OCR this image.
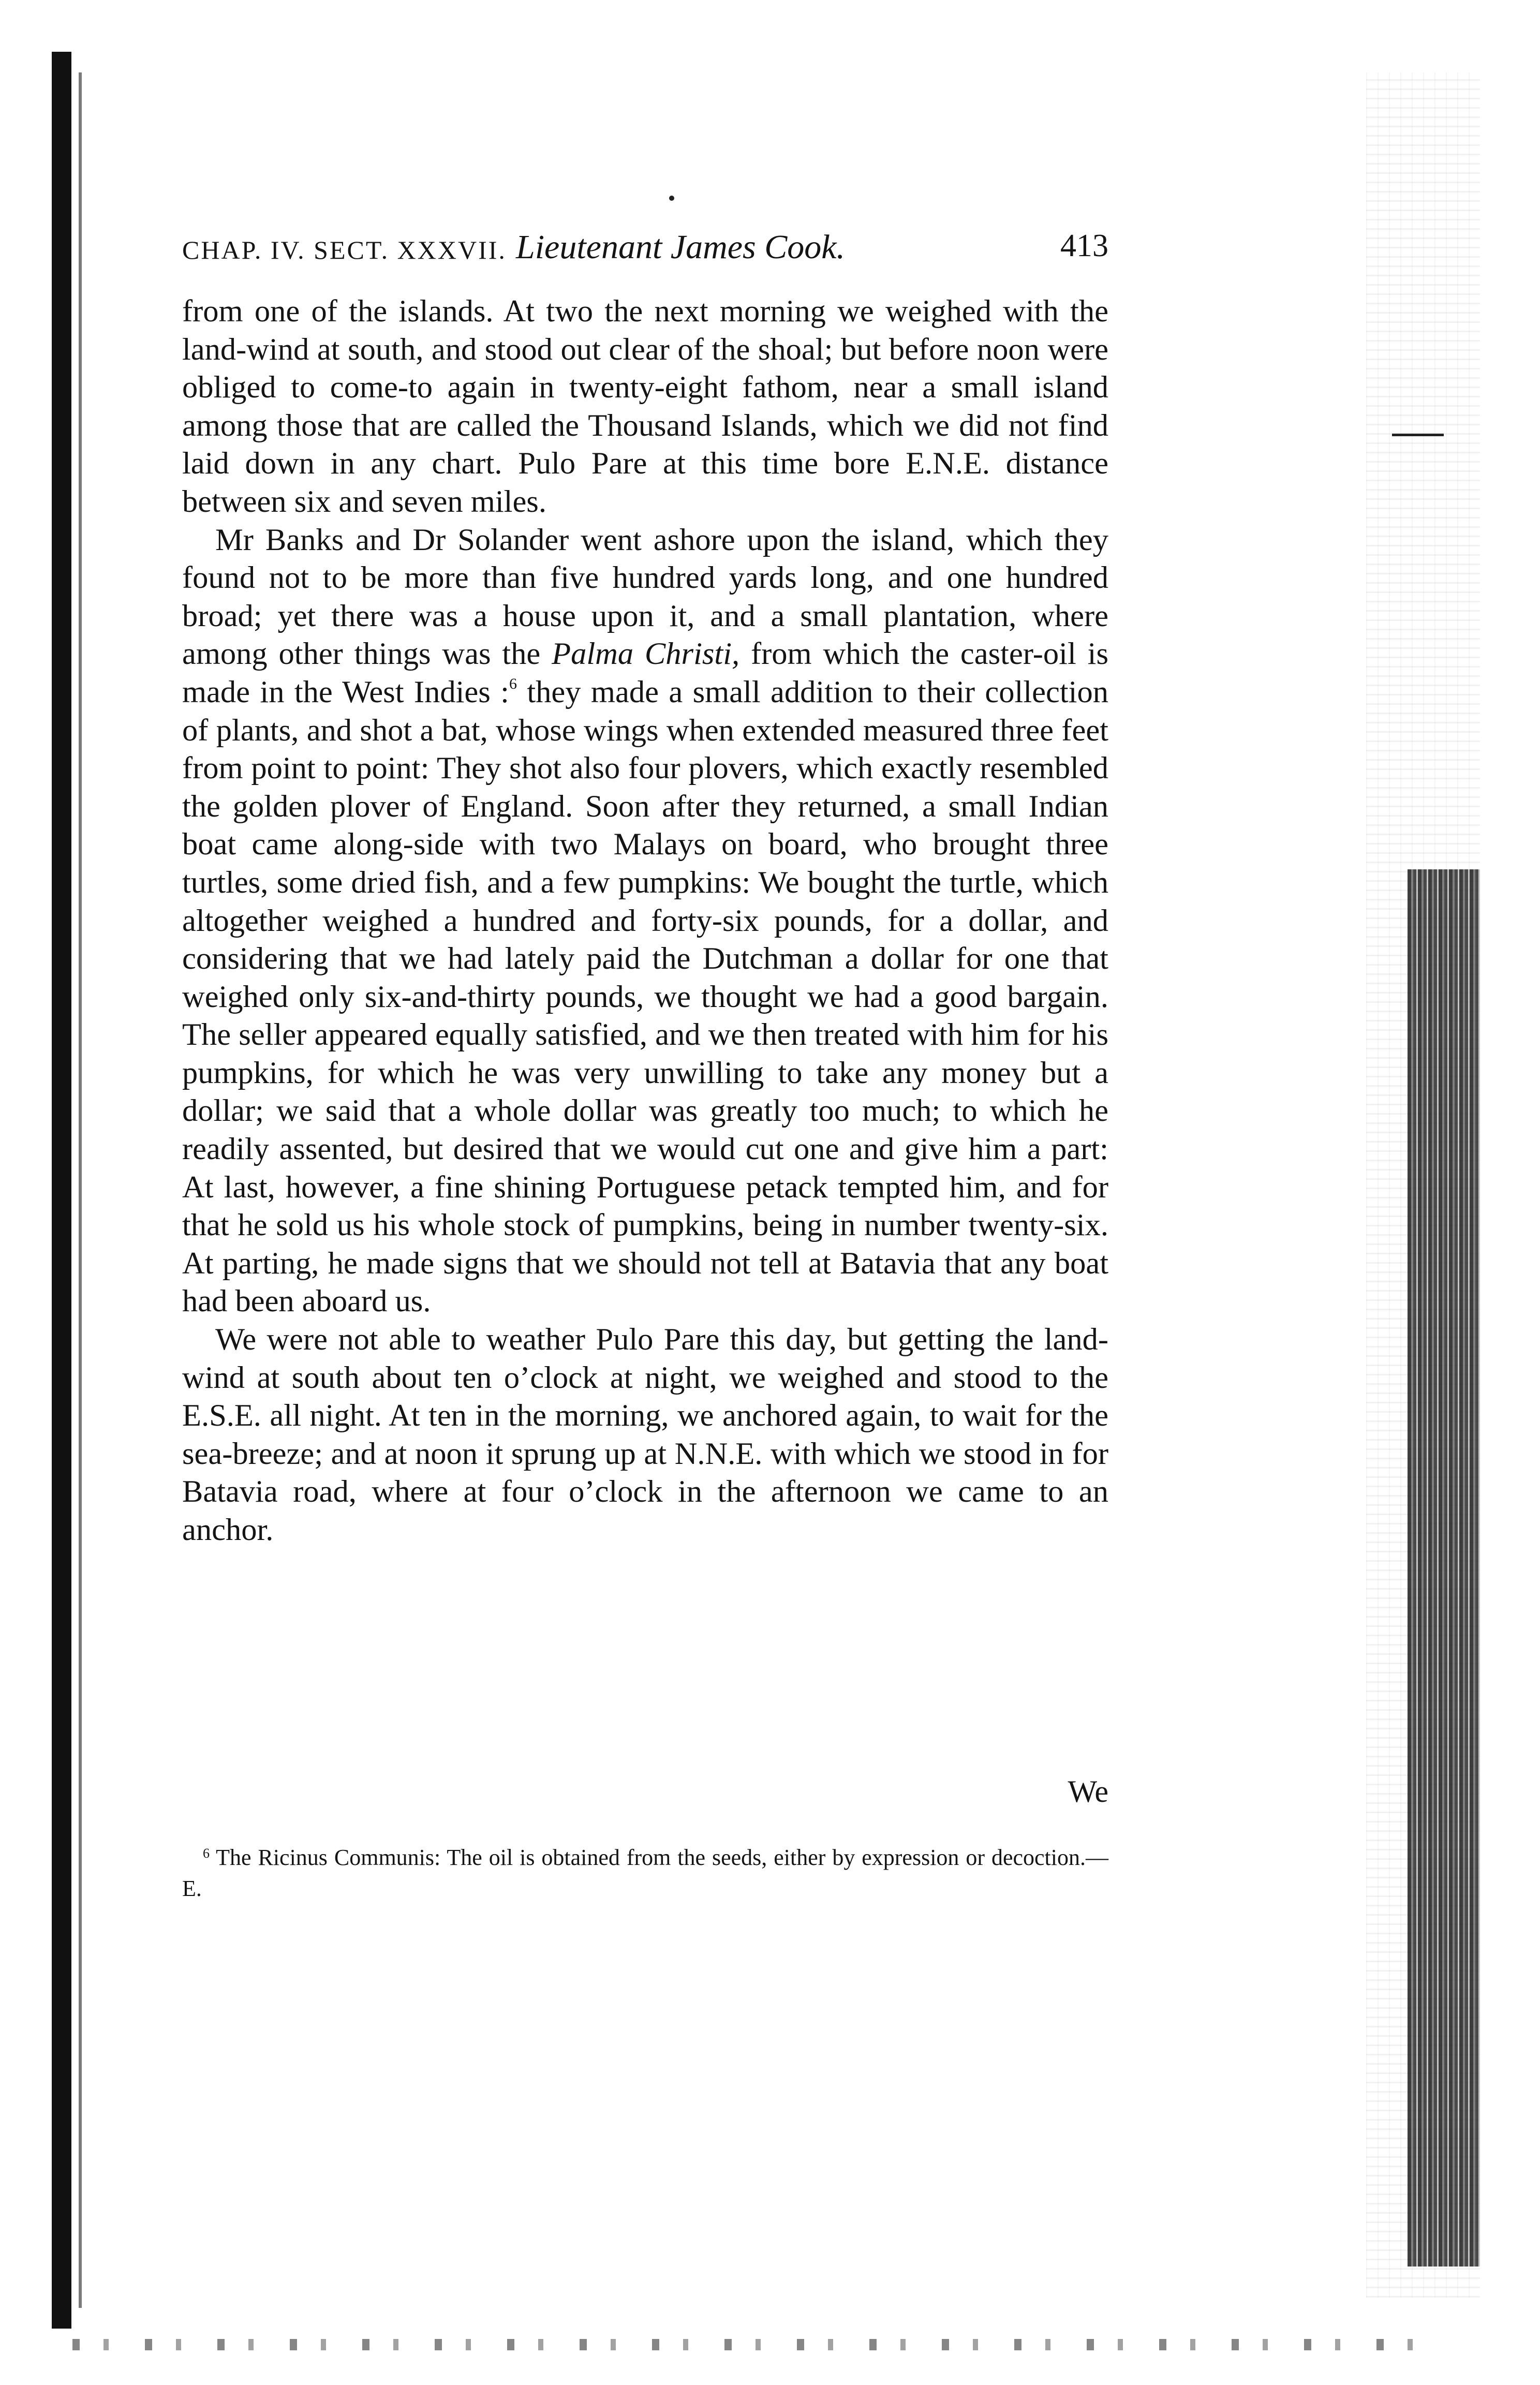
CHAP. IV. SECT. XXXVII. Lieutenant James Cook.	413

from one of the islands. At two the next morning we weighed with the land-wind at south, and stood out clear of the shoal; but before noon were obliged to come-to again in twenty-eight fathom, near a small island among those that are called the Thousand Islands, which we did not find laid down in any chart. Pulo Pare at this time bore E.N.E. distance between six and seven miles.

Mr Banks and Dr Solander went ashore upon the island, which they found not to be more than five hundred yards long, and one hundred broad; yet there was a house upon it, and a small plantation, where among other things was the Palma Christi, from which the caster-oil is made in the West Indies :$^6$ they made a small addition to their collection of plants, and shot a bat, whose wings when extended measured three feet from point to point: They shot also four plovers, which exactly resembled the golden plover of England. Soon after they returned, a small Indian boat came along-side with two Malays on board, who brought three turtles, some dried fish, and a few pumpkins: We bought the turtle, which altogether weighed a hundred and forty-six pounds, for a dollar, and considering that we had lately paid the Dutchman a dollar for one that weighed only six-and-thirty pounds, we thought we had a good bargain. The seller appeared equally satisfied, and we then treated with him for his pumpkins, for which he was very unwilling to take any money but a dollar; we said that a whole dollar was greatly too much; to which he readily assented, but desired that we would cut one and give him a part: At last, however, a fine shining Portuguese petack tempted him, and for that he sold us his whole stock of pumpkins, being in number twenty-six. At parting, he made signs that we should not tell at Batavia that any boat had been aboard us.

We were not able to weather Pulo Pare this day, but getting the land-wind at south about ten o’clock at night, we weighed and stood to the E.S.E. all night. At ten in the morning, we anchored again, to wait for the sea-breeze; and at noon it sprung up at N.N.E. with which we stood in for Batavia road, where at four o’clock in the afternoon we came to an anchor.

We
$^6$ The Ricinus Communis: The oil is obtained from the seeds, either by expression or decoction.—E.
